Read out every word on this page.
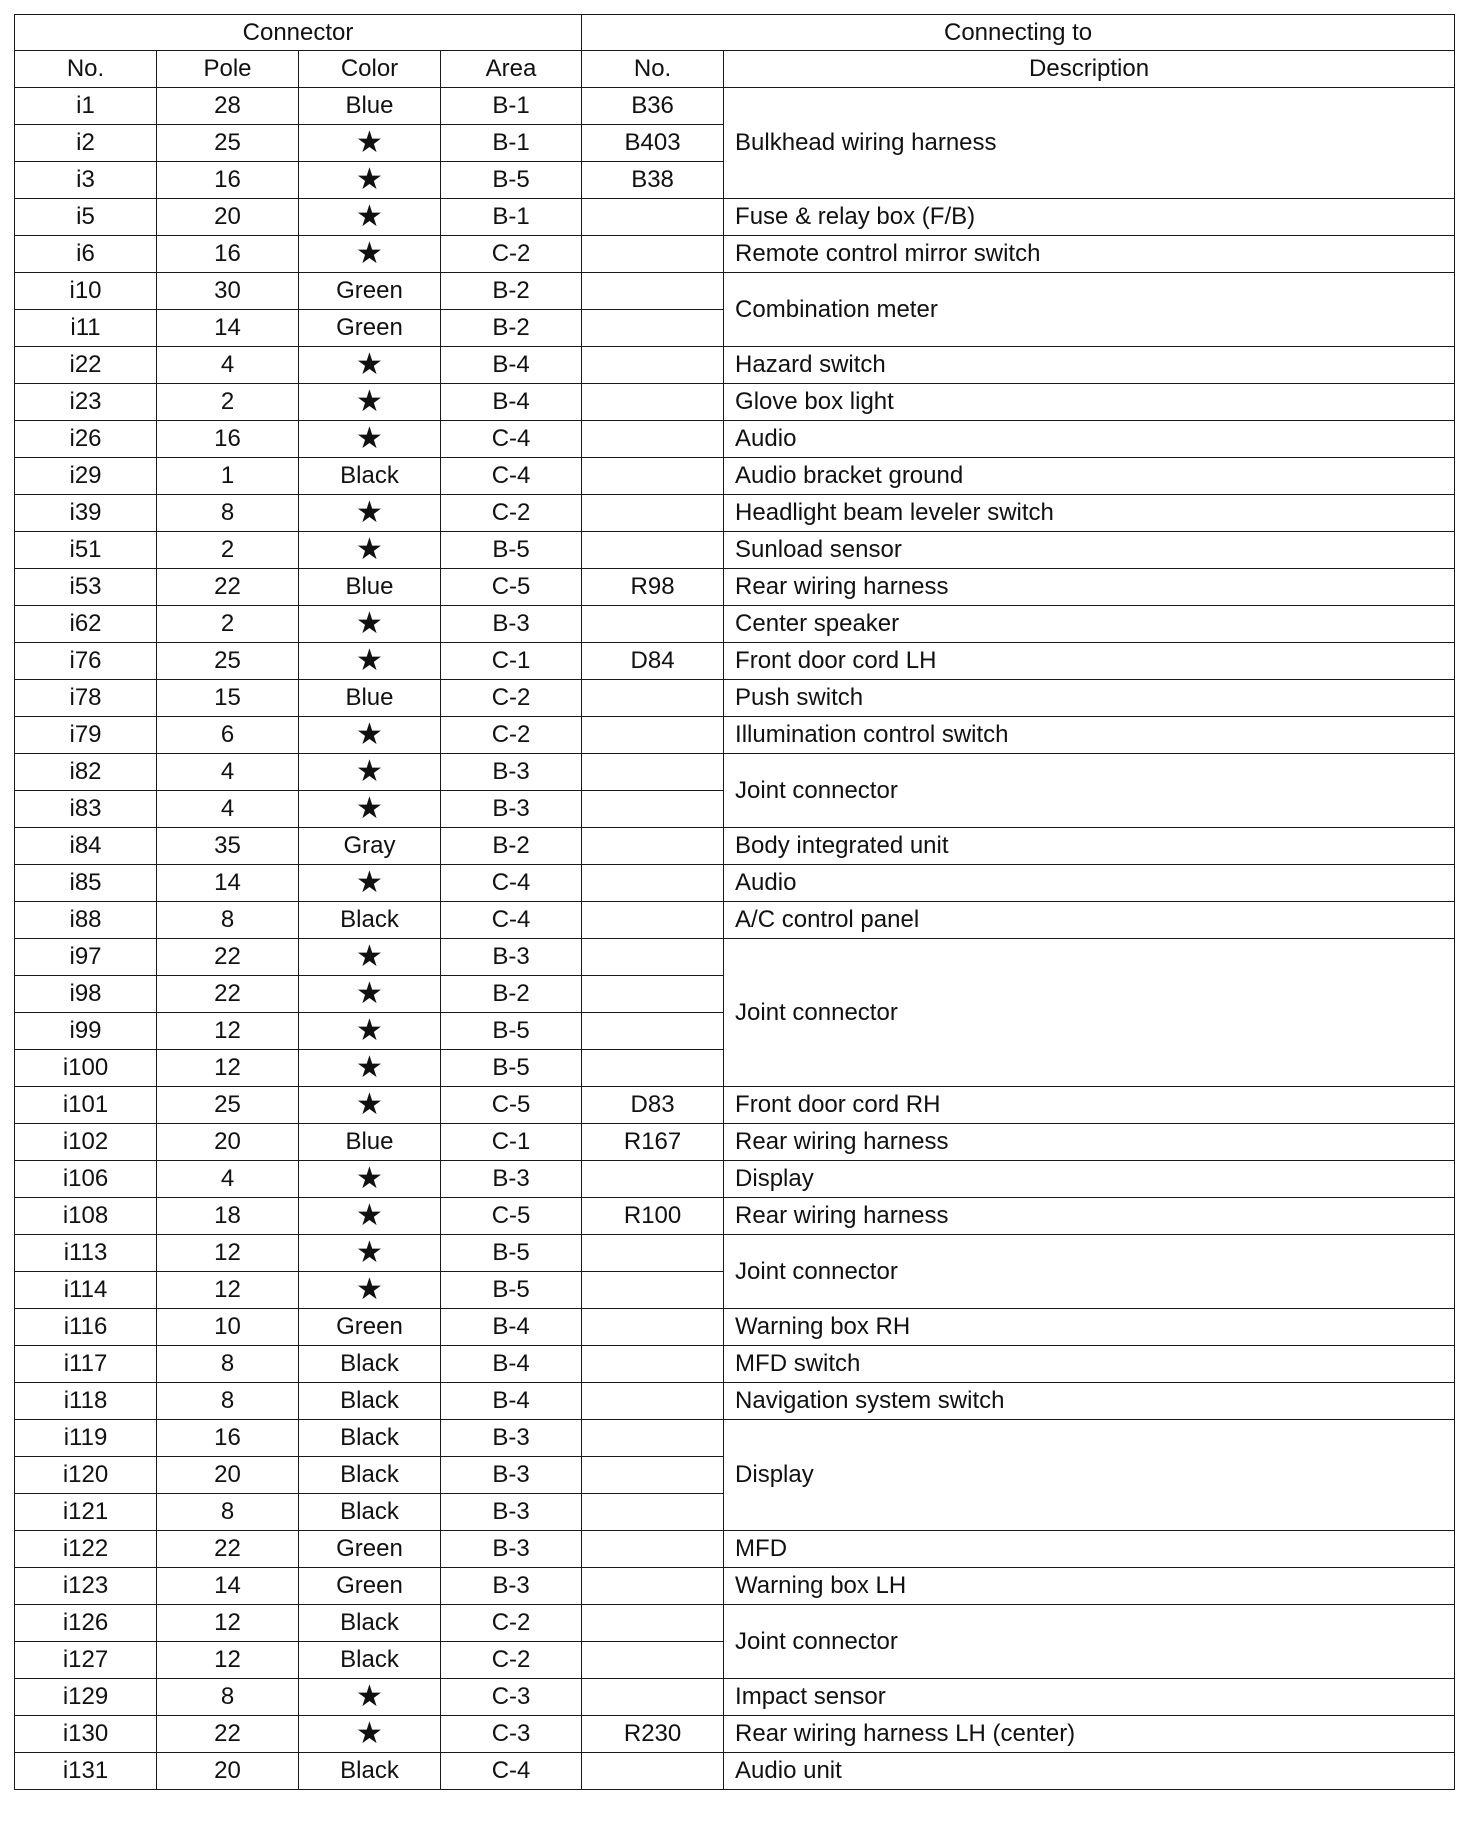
Connector				Connecting to	
No.	Pole	Color	Area	No.	Description
i1	28	Blue	B-1	B36	Bulkhead wiring harness
i2	25	★	B-1	B403	
i3	16	★	B-5	B38	
i5	20	★	B-1		Fuse & relay box (F/B)
i6	16	★	C-2		Remote control mirror switch
i10	30	Green	B-2		Combination meter
i11	14	Green	B-2		
i22	4	★	B-4		Hazard switch
i23	2	★	B-4		Glove box light
i26	16	★	C-4		Audio
i29	1	Black	C-4		Audio bracket ground
i39	8	★	C-2		Headlight beam leveler switch
i51	2	★	B-5		Sunload sensor
i53	22	Blue	C-5	R98	Rear wiring harness
i62	2	★	B-3		Center speaker
i76	25	★	C-1	D84	Front door cord LH
i78	15	Blue	C-2		Push switch
i79	6	★	C-2		Illumination control switch
i82	4	★	B-3		Joint connector
i83	4	★	B-3		
i84	35	Gray	B-2		Body integrated unit
i85	14	★	C-4		Audio
i88	8	Black	C-4		A/C control panel
i97	22	★	B-3		Joint connector
i98	22	★	B-2		
i99	12	★	B-5		
i100	12	★	B-5		
i101	25	★	C-5	D83	Front door cord RH
i102	20	Blue	C-1	R167	Rear wiring harness
i106	4	★	B-3		Display
i108	18	★	C-5	R100	Rear wiring harness
i113	12	★	B-5		Joint connector
i114	12	★	B-5		
i116	10	Green	B-4		Warning box RH
i117	8	Black	B-4		MFD switch
i118	8	Black	B-4		Navigation system switch
i119	16	Black	B-3		Display
i120	20	Black	B-3		
i121	8	Black	B-3		
i122	22	Green	B-3		MFD
i123	14	Green	B-3		Warning box LH
i126	12	Black	C-2		Joint connector
i127	12	Black	C-2		
i129	8	★	C-3		Impact sensor
i130	22	★	C-3	R230	Rear wiring harness LH (center)
i131	20	Black	C-4		Audio unit
